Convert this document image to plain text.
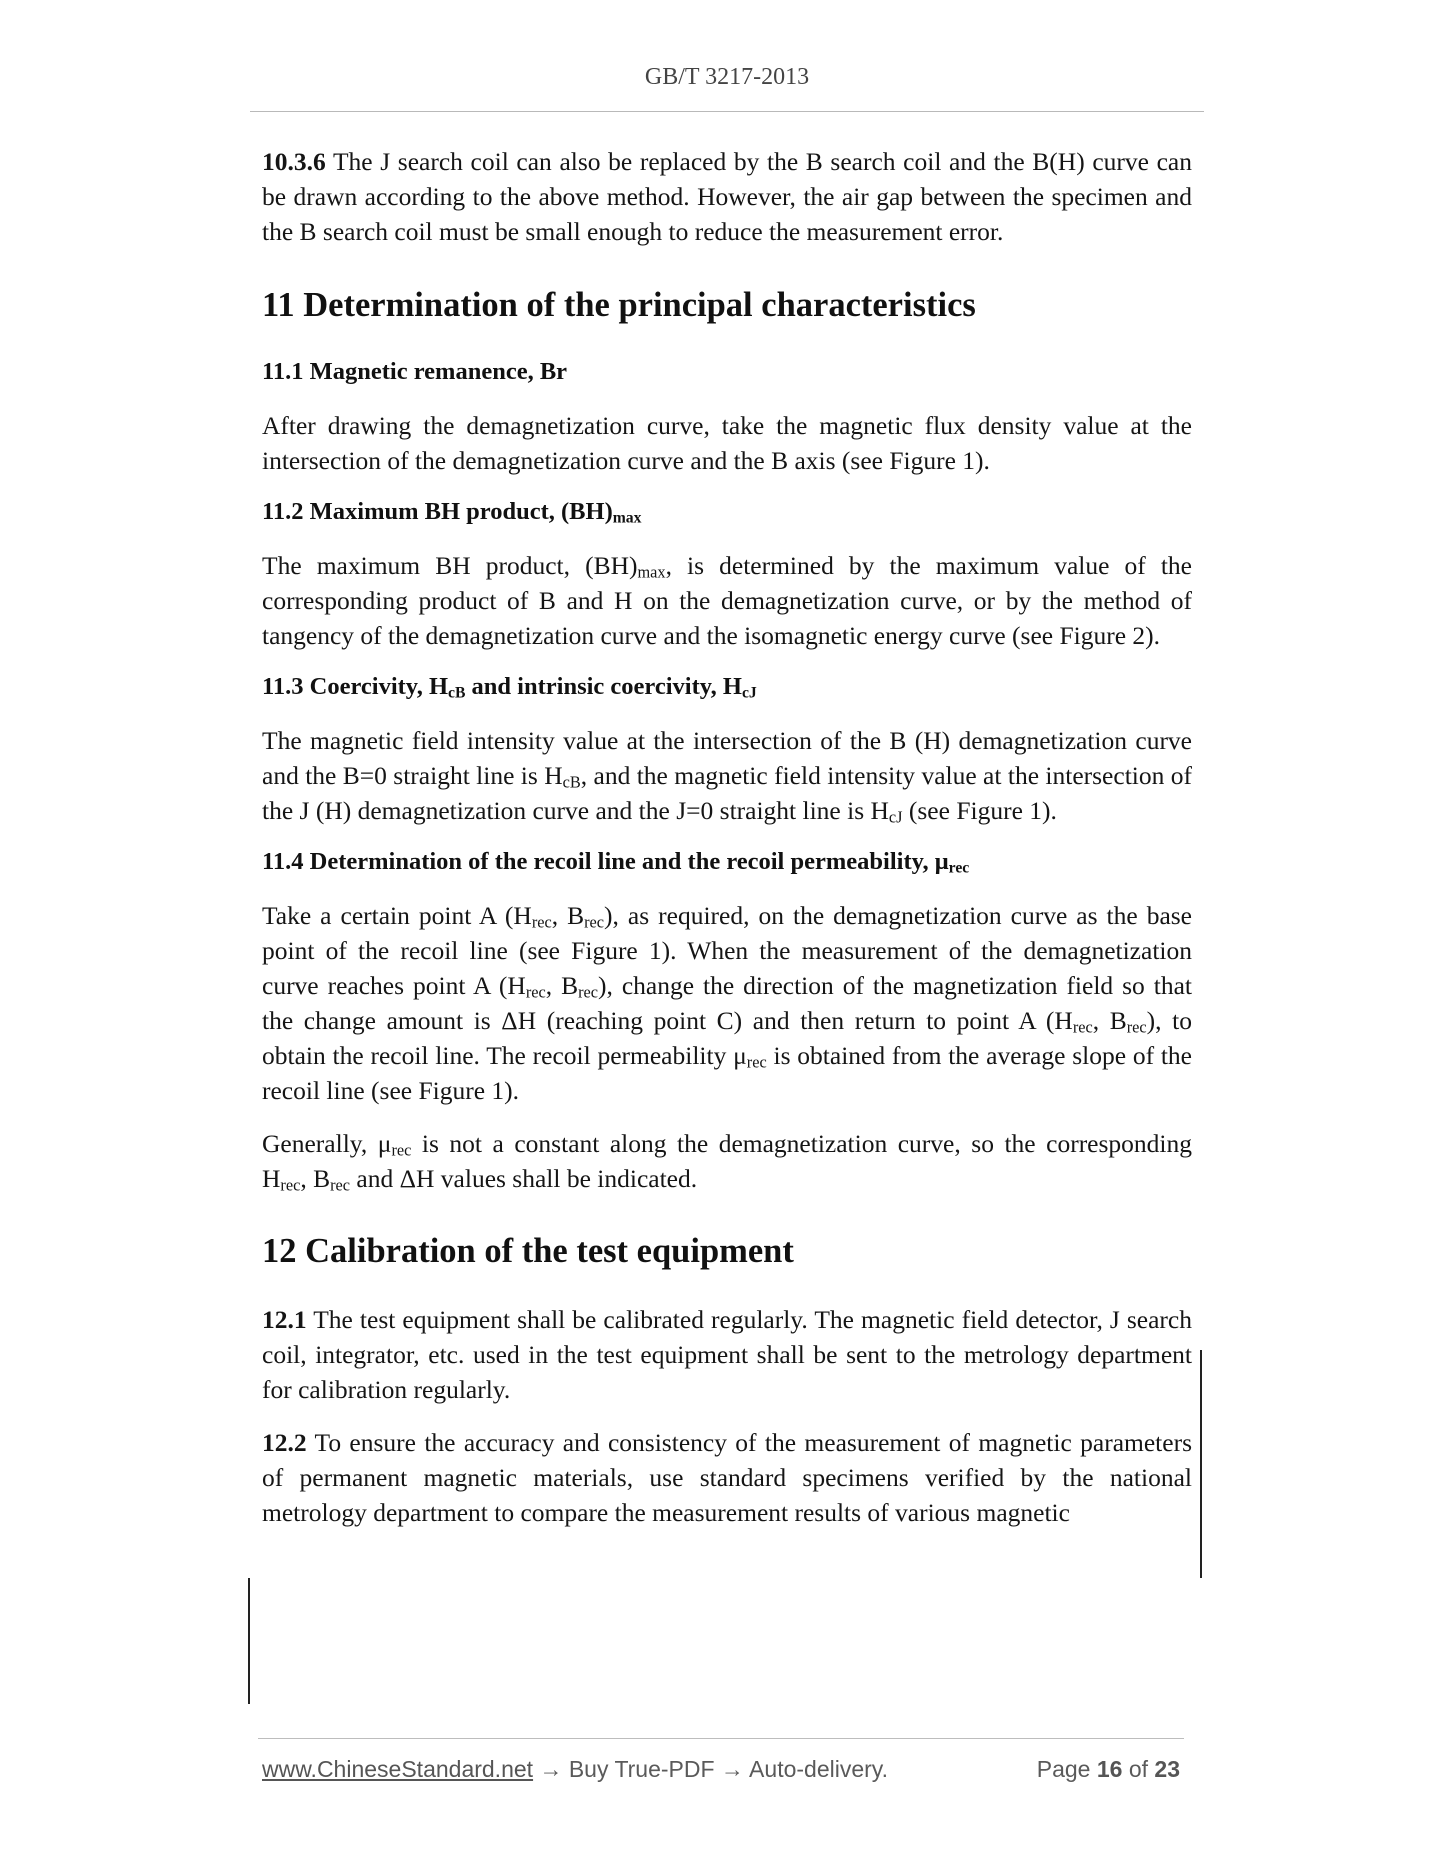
GB/T 3217-2013

10.3.6 The J search coil can also be replaced by the B search coil and the B(H) curve can be drawn according to the above method. However, the air gap between the specimen and the B search coil must be small enough to reduce the measurement error.

11 Determination of the principal characteristics
11.1 Magnetic remanence, Br

After drawing the demagnetization curve, take the magnetic flux density value at the intersection of the demagnetization curve and the B axis (see Figure 1).

11.2 Maximum BH product, $(BH)_{max}$

The maximum BH product, $(BH)_{max}$, is determined by the maximum value of the corresponding product of B and H on the demagnetization curve, or by the method of tangency of the demagnetization curve and the isomagnetic energy curve (see Figure 2).

11.3 Coercivity, $H_{cB}$ and intrinsic coercivity, $H_{cJ}$

The magnetic field intensity value at the intersection of the B (H) demagnetization curve and the B=0 straight line is $H_{cB}$, and the magnetic field intensity value at the intersection of the J (H) demagnetization curve and the J=0 straight line is $H_{cJ}$ (see Figure 1).

11.4 Determination of the recoil line and the recoil permeability, $\mu_{rec}$

Take a certain point A ($H_{rec}$, $B_{rec}$), as required, on the demagnetization curve as the base point of the recoil line (see Figure 1). When the measurement of the demagnetization curve reaches point A ($H_{rec}$, $B_{rec}$), change the direction of the magnetization field so that the change amount is ΔH (reaching point C) and then return to point A ($H_{rec}$, $B_{rec}$), to obtain the recoil line. The recoil permeability $\mu_{rec}$ is obtained from the average slope of the recoil line (see Figure 1).

Generally, $\mu_{rec}$ is not a constant along the demagnetization curve, so the corresponding $H_{rec}$, $B_{rec}$ and ΔH values shall be indicated.

12 Calibration of the test equipment

12.1 The test equipment shall be calibrated regularly. The magnetic field detector, J search coil, integrator, etc. used in the test equipment shall be sent to the metrology department for calibration regularly.

12.2 To ensure the accuracy and consistency of the measurement of magnetic parameters of permanent magnetic materials, use standard specimens verified by the national metrology department to compare the measurement results of various magnetic

www.ChineseStandard.net → Buy True-PDF → Auto-delivery.	Page 16 of 23
